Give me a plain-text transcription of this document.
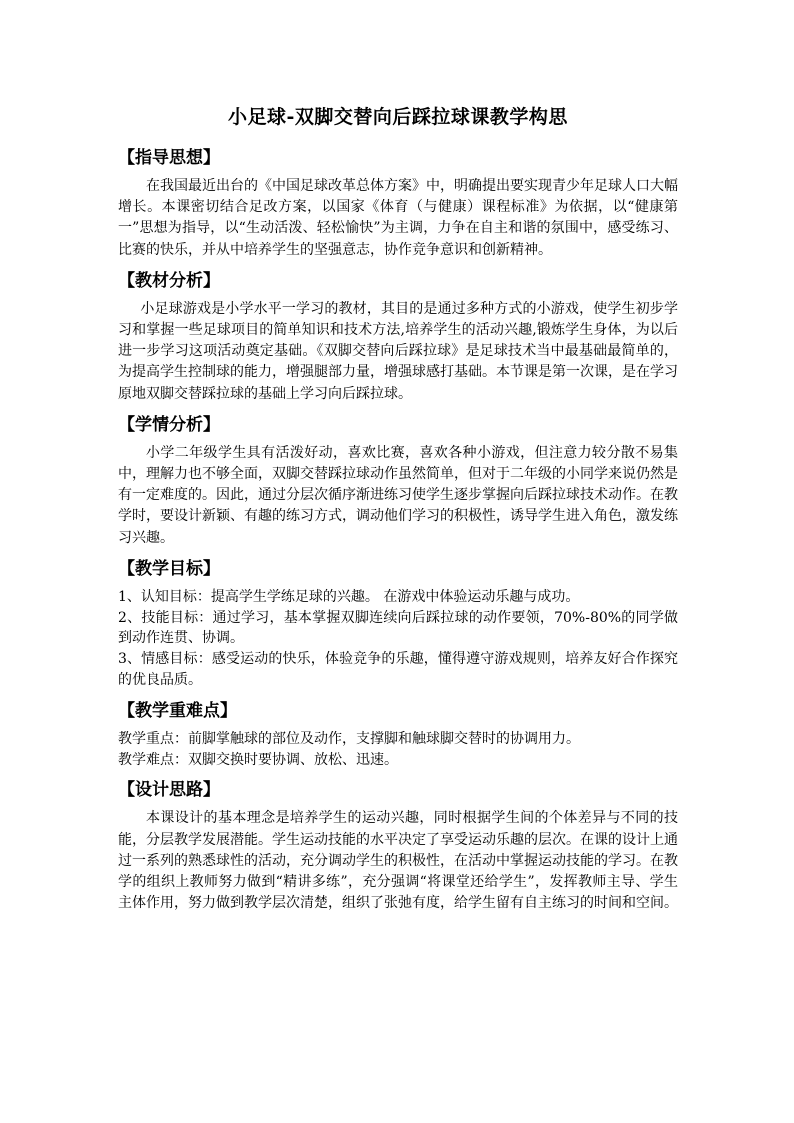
小足球-双脚交替向后踩拉球课教学构思
【指导思想】

在我国最近出台的《中国足球改革总体方案》中，明确提出要实现青少年足球人口大幅增长。本课密切结合足改方案，以国家《体育（与健康）课程标准》为依据，以“健康第一”思想为指导，以“生动活泼、轻松愉快”为主调，力争在自主和谐的氛围中，感受练习、比赛的快乐，并从中培养学生的坚强意志，协作竞争意识和创新精神。

【教材分析】

小足球游戏是小学水平一学习的教材，其目的是通过多种方式的小游戏，使学生初步学习和掌握一些足球项目的简单知识和技术方法,培养学生的活动兴趣,锻炼学生身体，为以后进一步学习这项活动奠定基础。《双脚交替向后踩拉球》是足球技术当中最基础最简单的，为提高学生控制球的能力，增强腿部力量，增强球感打基础。本节课是第一次课，是在学习原地双脚交替踩拉球的基础上学习向后踩拉球。

【学情分析】

小学二年级学生具有活泼好动，喜欢比赛，喜欢各种小游戏，但注意力较分散不易集中，理解力也不够全面，双脚交替踩拉球动作虽然简单，但对于二年级的小同学来说仍然是有一定难度的。因此，通过分层次循序渐进练习使学生逐步掌握向后踩拉球技术动作。在教学时，要设计新颖、有趣的练习方式，调动他们学习的积极性，诱导学生进入角色，激发练习兴趣。

【教学目标】

1、认知目标：提高学生学练足球的兴趣。 在游戏中体验运动乐趣与成功。

2、技能目标：通过学习，基本掌握双脚连续向后踩拉球的动作要领，70%-80%的同学做到动作连贯、协调。

3、情感目标：感受运动的快乐，体验竞争的乐趣，懂得遵守游戏规则，培养友好合作探究的优良品质。

【教学重难点】

教学重点：前脚掌触球的部位及动作，支撑脚和触球脚交替时的协调用力。

教学难点：双脚交换时要协调、放松、迅速。

【设计思路】

本课设计的基本理念是培养学生的运动兴趣，同时根据学生间的个体差异与不同的技能，分层教学发展潜能。学生运动技能的水平决定了享受运动乐趣的层次。在课的设计上通过一系列的熟悉球性的活动，充分调动学生的积极性，在活动中掌握运动技能的学习。在教学的组织上教师努力做到“精讲多练”，充分强调“将课堂还给学生”，发挥教师主导、学生主体作用，努力做到教学层次清楚，组织了张弛有度，给学生留有自主练习的时间和空间。
